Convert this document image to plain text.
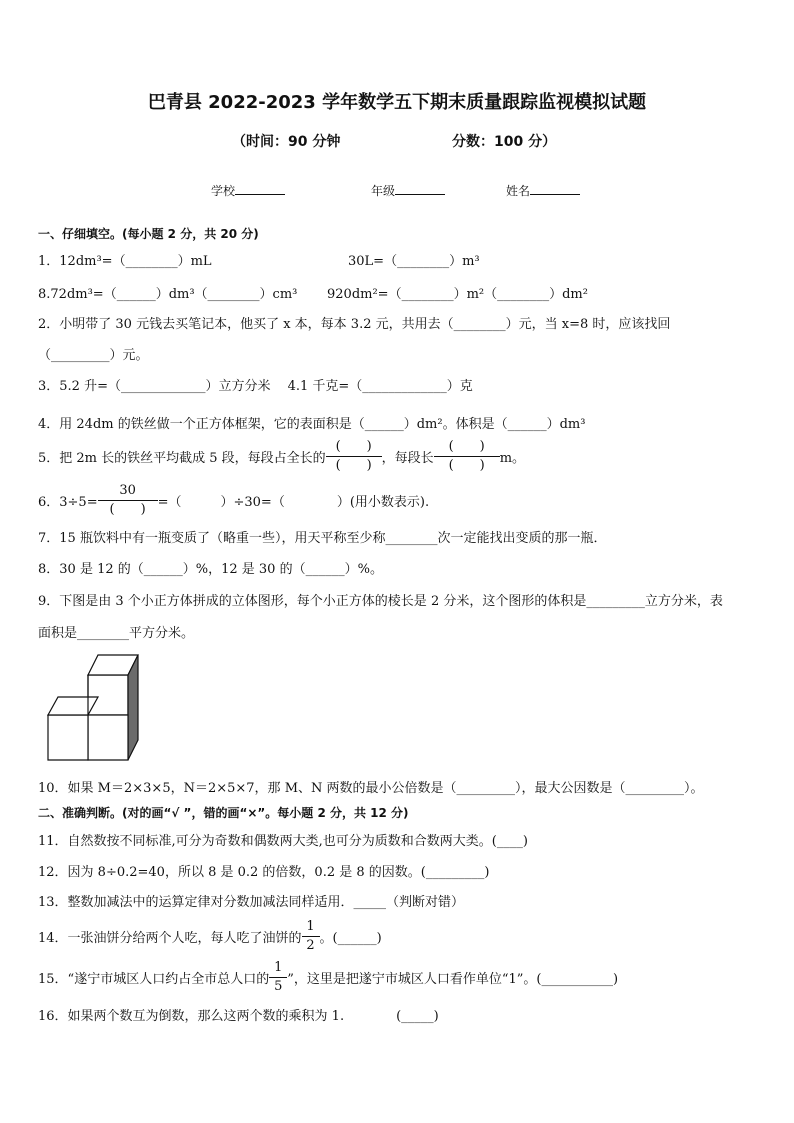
巴青县 2022-2023 学年数学五下期末质量跟踪监视模拟试题
（时间：90 分钟	分数：100 分）
学校	年级	姓名
一、仔细填空。(每小题 2 分，共 20 分)
1．12dm³=（________）mL	30L=（________）m³
8.72dm³=（______）dm³（________）cm³ 920dm²=（________）m²（________）dm²
2．小明带了 30 元钱去买笔记本，他买了 x 本，每本 3.2 元，共用去（________）元，当 x=8 时，应该找回
（_________）元。
3．5.2 升=（_____________）立方分米　 4.1 千克=（_____________）克
4．用 24dm 的铁丝做一个正方体框架，它的表面积是（______）dm²。体积是（______）dm³
5．把 2m 长的铁丝平均截成 5 段，每段占全长的 $\frac{( )}{( )}$ ，每段长 $\frac{( )}{( )}$ m。
6．$3\div 5= \frac{30}{( )}$ =（　　　）÷30=（　　　　）(用小数表示).
7．15 瓶饮料中有一瓶变质了（略重一些），用天平称至少称________次一定能找出变质的那一瓶．
8．30 是 12 的（______）%，12 是 30 的（______）%。
9．下图是由 3 个小正方体拼成的立体图形，每个小正方体的棱长是 2 分米，这个图形的体积是_________立方分米，表
面积是________平方分米。
10．如果 M＝2×3×5，N＝2×5×7，那 M、N 两数的最小公倍数是（_________），最大公因数是（_________）。
二、准确判断。(对的画“√ ”，错的画“×”。每小题 2 分，共 12 分)
11．自然数按不同标准,可分为奇数和偶数两大类,也可分为质数和合数两大类。(____)
12．因为 8÷0.2=40，所以 8 是 0.2 的倍数，0.2 是 8 的因数。(_________)
13．整数加减法中的运算定律对分数加减法同样适用．_____（判断对错）
14．一张油饼分给两个人吃，每人吃了油饼的 $\frac{1}{2}$ 。(______)
15．“遂宁市城区人口约占全市总人口的 $\frac{1}{5}$ ”，这里是把遂宁市城区人口看作单位“1”。(___________)
16．如果两个数互为倒数，那么这两个数的乘积为 1.　　　　(_____)
